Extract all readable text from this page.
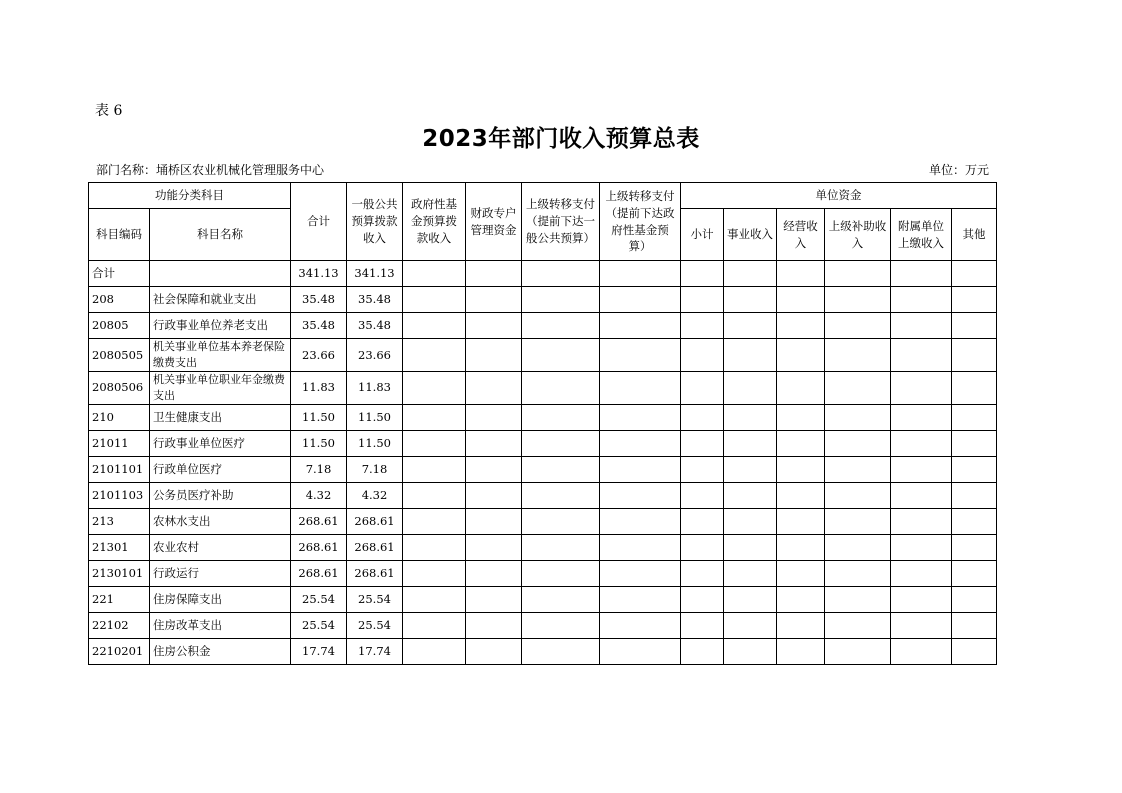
表 6
2023年部门收入预算总表
部门名称：埇桥区农业机械化管理服务中心	单位：万元
功能分类科目		合计	一般公共预算拨款收入	政府性基金预算拨款收入	财政专户管理资金	上级转移支付（提前下达一般公共预算）	上级转移支付（提前下达政府性基金预算）	单位资金					
科目编码	科目名称							小计	事业收入	经营收入	上级补助收入	附属单位上缴收入	其他
合计		341.13	341.13										
208	社会保障和就业支出	35.48	35.48										
20805	行政事业单位养老支出	35.48	35.48										
2080505	机关事业单位基本养老保险缴费支出	23.66	23.66										
2080506	机关事业单位职业年金缴费支出	11.83	11.83										
210	卫生健康支出	11.50	11.50										
21011	行政事业单位医疗	11.50	11.50										
2101101	行政单位医疗	7.18	7.18										
2101103	公务员医疗补助	4.32	4.32										
213	农林水支出	268.61	268.61										
21301	农业农村	268.61	268.61										
2130101	行政运行	268.61	268.61										
221	住房保障支出	25.54	25.54										
22102	住房改革支出	25.54	25.54										
2210201	住房公积金	17.74	17.74										
